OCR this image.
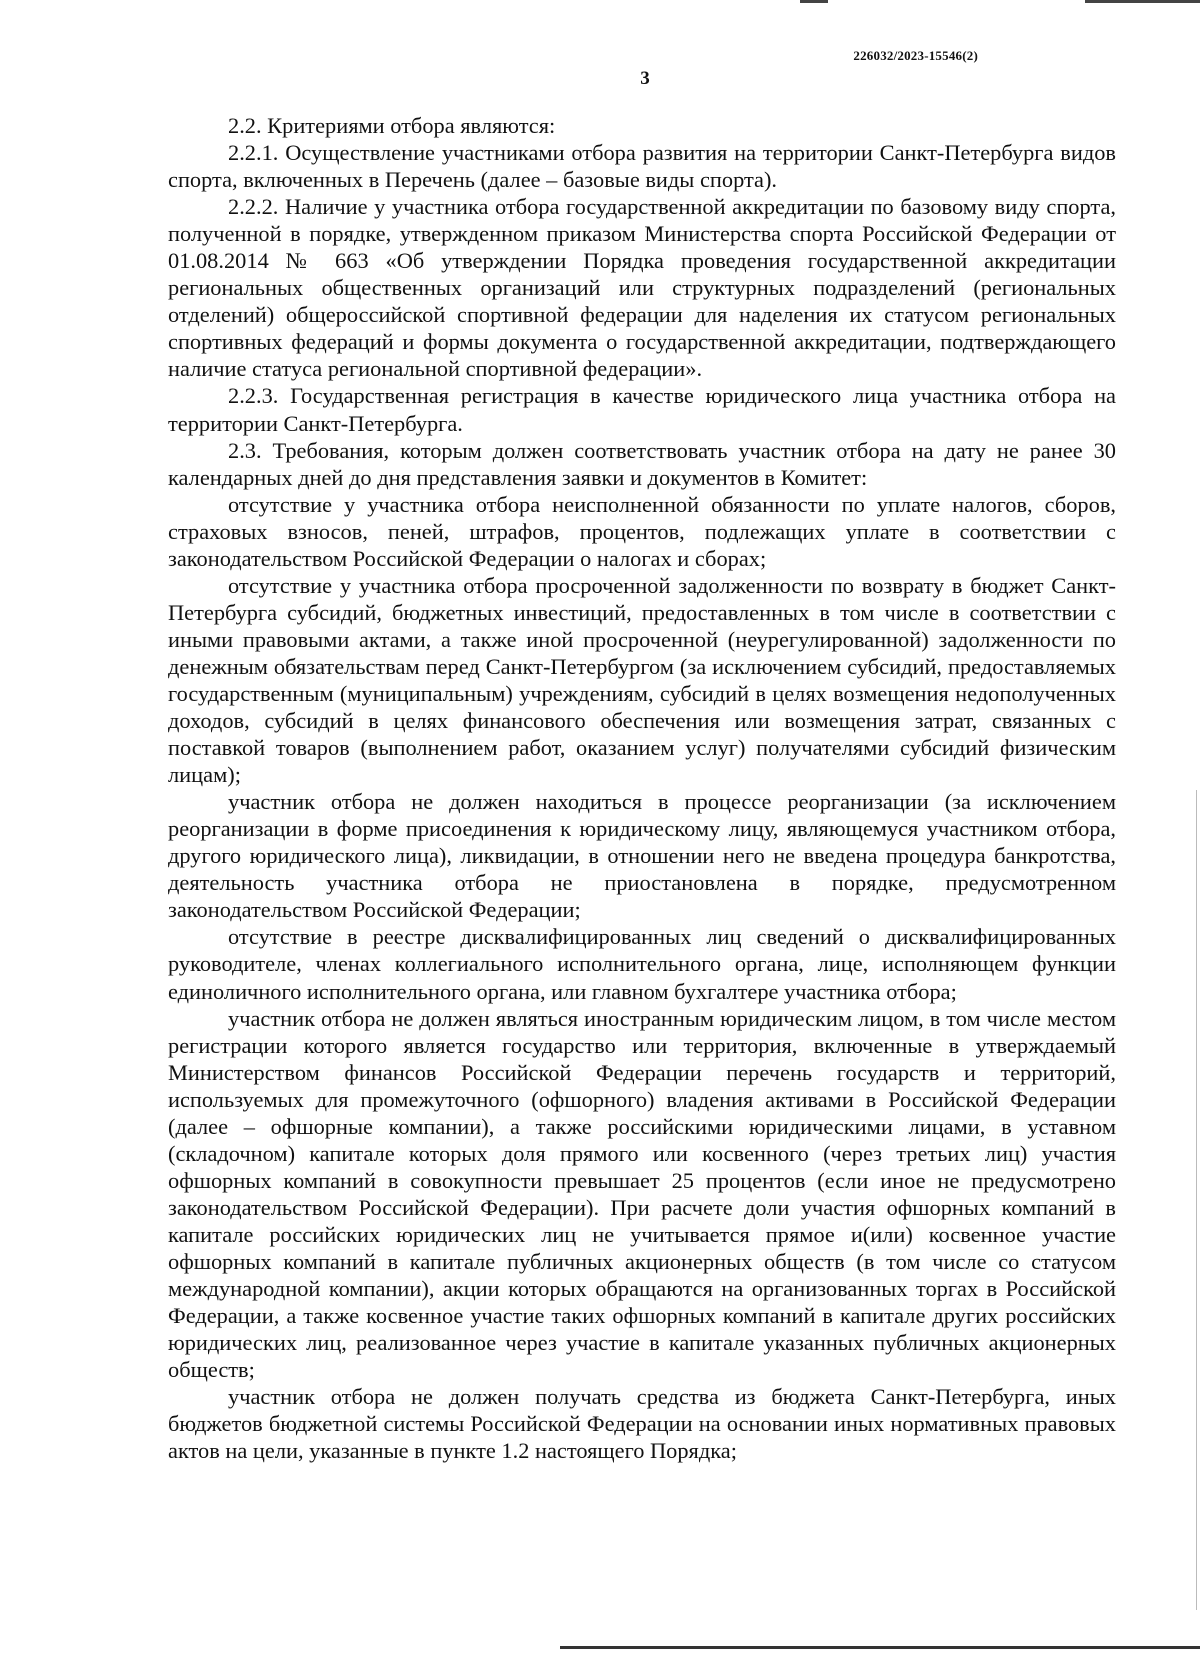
226032/2023-15546(2)
3

2.2. Критериями отбора являются:

2.2.1. Осуществление участниками отбора развития на территории Санкт-Петербурга видов спорта, включенных в Перечень (далее – базовые виды спорта).

2.2.2. Наличие у участника отбора государственной аккредитации по базовому виду спорта, полученной в порядке, утвержденном приказом Министерства спорта Российской Федерации от 01.08.2014 № 663 «Об утверждении Порядка проведения государственной аккредитации региональных общественных организаций или структурных подразделений (региональных отделений) общероссийской спортивной федерации для наделения их статусом региональных спортивных федераций и формы документа о государственной аккредитации, подтверждающего наличие статуса региональной спортивной федерации».

2.2.3. Государственная регистрация в качестве юридического лица участника отбора на территории Санкт-Петербурга.

2.3. Требования, которым должен соответствовать участник отбора на дату не ранее 30 календарных дней до дня представления заявки и документов в Комитет:

отсутствие у участника отбора неисполненной обязанности по уплате налогов, сборов, страховых взносов, пеней, штрафов, процентов, подлежащих уплате в соответствии с законодательством Российской Федерации о налогах и сборах;

отсутствие у участника отбора просроченной задолженности по возврату в бюджет Санкт-Петербурга субсидий, бюджетных инвестиций, предоставленных в том числе в соответствии с иными правовыми актами, а также иной просроченной (неурегулированной) задолженности по денежным обязательствам перед Санкт-Петербургом (за исключением субсидий, предоставляемых государственным (муниципальным) учреждениям, субсидий в целях возмещения недополученных доходов, субсидий в целях финансового обеспечения или возмещения затрат, связанных с поставкой товаров (выполнением работ, оказанием услуг) получателями субсидий физическим лицам);

участник отбора не должен находиться в процессе реорганизации (за исключением реорганизации в форме присоединения к юридическому лицу, являющемуся участником отбора, другого юридического лица), ликвидации, в отношении него не введена процедура банкротства, деятельность участника отбора не приостановлена в порядке, предусмотренном законодательством Российской Федерации;

отсутствие в реестре дисквалифицированных лиц сведений о дисквалифицированных руководителе, членах коллегиального исполнительного органа, лице, исполняющем функции единоличного исполнительного органа, или главном бухгалтере участника отбора;

участник отбора не должен являться иностранным юридическим лицом, в том числе местом регистрации которого является государство или территория, включенные в утверждаемый Министерством финансов Российской Федерации перечень государств и территорий, используемых для промежуточного (офшорного) владения активами в Российской Федерации (далее – офшорные компании), а также российскими юридическими лицами, в уставном (складочном) капитале которых доля прямого или косвенного (через третьих лиц) участия офшорных компаний в совокупности превышает 25 процентов (если иное не предусмотрено законодательством Российской Федерации). При расчете доли участия офшорных компаний в капитале российских юридических лиц не учитывается прямое и(или) косвенное участие офшорных компаний в капитале публичных акционерных обществ (в том числе со статусом международной компании), акции которых обращаются на организованных торгах в Российской Федерации, а также косвенное участие таких офшорных компаний в капитале других российских юридических лиц, реализованное через участие в капитале указанных публичных акционерных обществ;

участник отбора не должен получать средства из бюджета Санкт-Петербурга, иных бюджетов бюджетной системы Российской Федерации на основании иных нормативных правовых актов на цели, указанные в пункте 1.2 настоящего Порядка;
